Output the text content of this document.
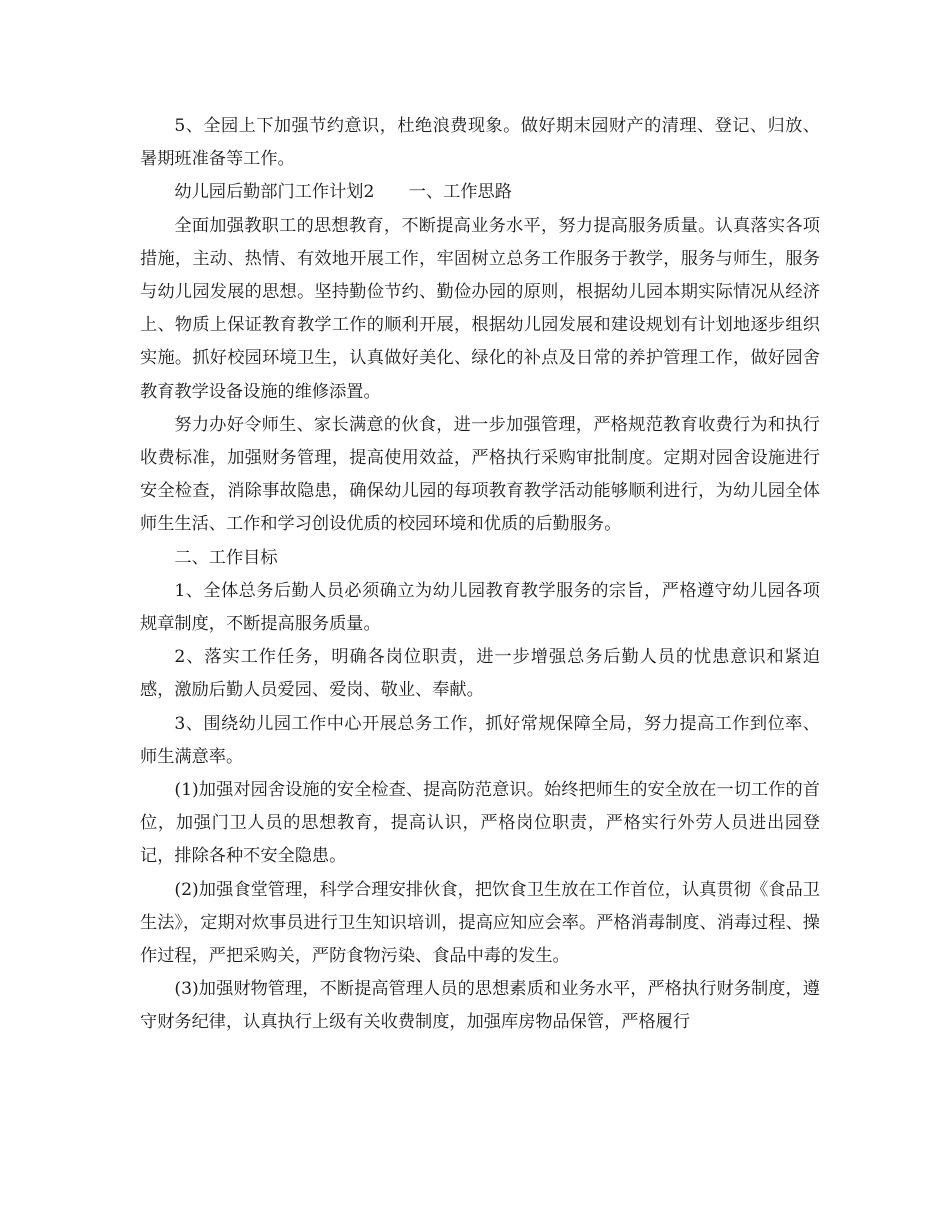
5、全园上下加强节约意识，杜绝浪费现象。做好期末园财产的清理、登记、归放、暑期班准备等工作。

幼儿园后勤部门工作计划2　　一、工作思路

全面加强教职工的思想教育，不断提高业务水平，努力提高服务质量。认真落实各项措施，主动、热情、有效地开展工作，牢固树立总务工作服务于教学，服务与师生，服务与幼儿园发展的思想。坚持勤俭节约、勤俭办园的原则，根据幼儿园本期实际情况从经济上、物质上保证教育教学工作的顺利开展，根据幼儿园发展和建设规划有计划地逐步组织实施。抓好校园环境卫生，认真做好美化、绿化的补点及日常的养护管理工作，做好园舍教育教学设备设施的维修添置。

努力办好令师生、家长满意的伙食，进一步加强管理，严格规范教育收费行为和执行收费标准，加强财务管理，提高使用效益，严格执行采购审批制度。定期对园舍设施进行安全检查，消除事故隐患，确保幼儿园的每项教育教学活动能够顺利进行，为幼儿园全体师生生活、工作和学习创设优质的校园环境和优质的后勤服务。

二、工作目标

1、全体总务后勤人员必须确立为幼儿园教育教学服务的宗旨，严格遵守幼儿园各项规章制度，不断提高服务质量。

2、落实工作任务，明确各岗位职责，进一步增强总务后勤人员的忧患意识和紧迫感，激励后勤人员爱园、爱岗、敬业、奉献。

3、围绕幼儿园工作中心开展总务工作，抓好常规保障全局，努力提高工作到位率、师生满意率。

(1)加强对园舍设施的安全检查、提高防范意识。始终把师生的安全放在一切工作的首位，加强门卫人员的思想教育，提高认识，严格岗位职责，严格实行外劳人员进出园登记，排除各种不安全隐患。

(2)加强食堂管理，科学合理安排伙食，把饮食卫生放在工作首位，认真贯彻《食品卫生法》，定期对炊事员进行卫生知识培训，提高应知应会率。严格消毒制度、消毒过程、操作过程，严把采购关，严防食物污染、食品中毒的发生。

(3)加强财物管理，不断提高管理人员的思想素质和业务水平，严格执行财务制度，遵守财务纪律，认真执行上级有关收费制度，加强库房物品保管，严格履行
